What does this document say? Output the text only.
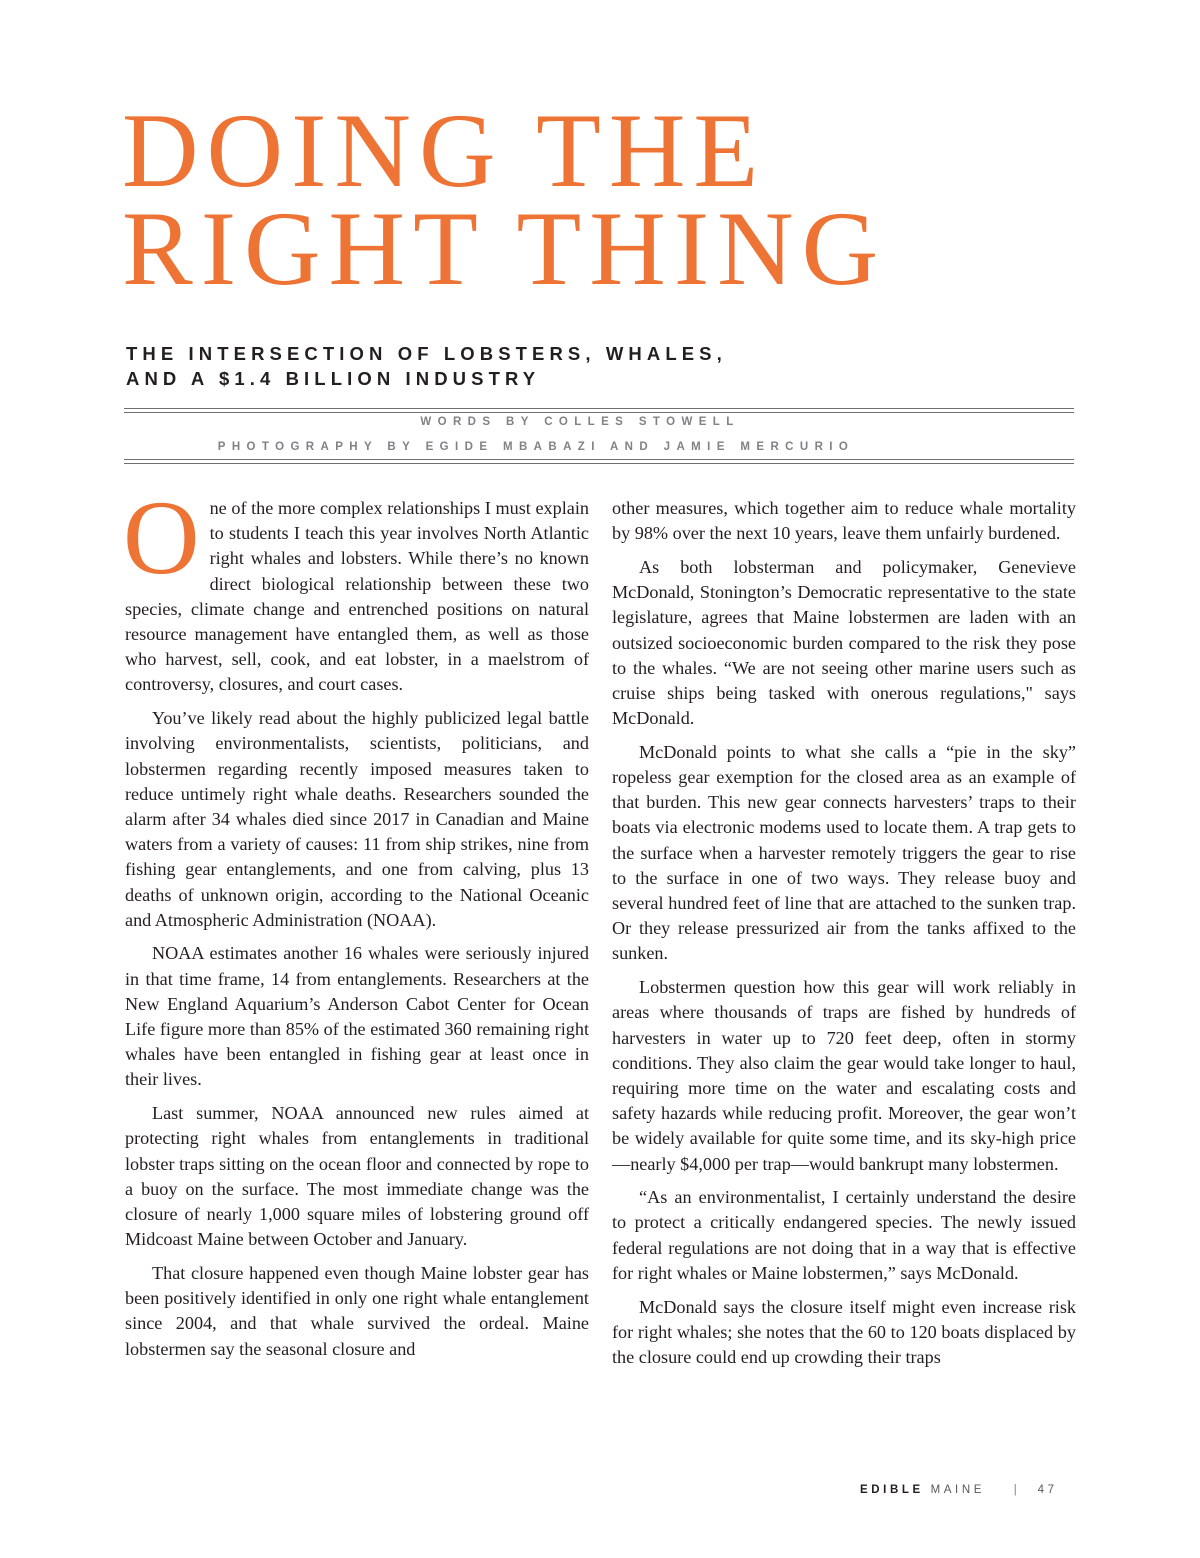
DOING THE
RIGHT THING
THE INTERSECTION OF LOBSTERS, WHALES,
AND A $1.4 BILLION INDUSTRY
WORDS BY COLLES STOWELL
PHOTOGRAPHY BY EGIDE MBABAZI AND JAMIE MERCURIO

One of the more complex relationships I must explain to students I teach this year involves North Atlantic right whales and lobsters. While there’s no known direct biological relationship between these two species, climate change and entrenched positions on natural resource management have entangled them, as well as those who harvest, sell, cook, and eat lobster, in a maelstrom of controversy, closures, and court cases.

You’ve likely read about the highly publicized legal battle involving environmentalists, scientists, politicians, and lobstermen regarding recently imposed measures taken to reduce untimely right whale deaths. Researchers sounded the alarm after 34 whales died since 2017 in Canadian and Maine waters from a variety of causes: 11 from ship strikes, nine from fishing gear entanglements, and one from calving, plus 13 deaths of unknown origin, according to the National Oceanic and Atmospheric Administration (NOAA).

NOAA estimates another 16 whales were seriously injured in that time frame, 14 from entanglements. Researchers at the New England Aquarium’s Anderson Cabot Center for Ocean Life figure more than 85% of the estimated 360 remaining right whales have been entangled in fishing gear at least once in their lives.

Last summer, NOAA announced new rules aimed at protecting right whales from entanglements in traditional lobster traps sitting on the ocean floor and connected by rope to a buoy on the surface. The most immediate change was the closure of nearly 1,000 square miles of lobstering ground off Midcoast Maine between October and January.

That closure happened even though Maine lobster gear has been positively identified in only one right whale entanglement since 2004, and that whale survived the ordeal. Maine lobstermen say the seasonal closure and

other measures, which together aim to reduce whale mortality by 98% over the next 10 years, leave them unfairly burdened.

As both lobsterman and policymaker, Genevieve McDonald, Stonington’s Democratic representative to the state legislature, agrees that Maine lobstermen are laden with an outsized socioeconomic burden compared to the risk they pose to the whales. “We are not seeing other marine users such as cruise ships being tasked with onerous regulations," says McDonald.

McDonald points to what she calls a “pie in the sky” ropeless gear exemption for the closed area as an example of that burden. This new gear connects harvesters’ traps to their boats via electronic modems used to locate them. A trap gets to the surface when a harvester remotely triggers the gear to rise to the surface in one of two ways. They release buoy and several hundred feet of line that are attached to the sunken trap. Or they release pressurized air from the tanks affixed to the sunken.

Lobstermen question how this gear will work reliably in areas where thousands of traps are fished by hundreds of harvesters in water up to 720 feet deep, often in stormy conditions. They also claim the gear would take longer to haul, requiring more time on the water and escalating costs and safety hazards while reducing profit. Moreover, the gear won’t be widely available for quite some time, and its sky-high price—nearly $4,000 per trap—would bankrupt many lobstermen.

“As an environmentalist, I certainly understand the desire to protect a critically endangered species. The newly issued federal regulations are not doing that in a way that is effective for right whales or Maine lobstermen,” says McDonald.

McDonald says the closure itself might even increase risk for right whales; she notes that the 60 to 120 boats displaced by the closure could end up crowding their traps

EDIBLE MAINE	| 47
